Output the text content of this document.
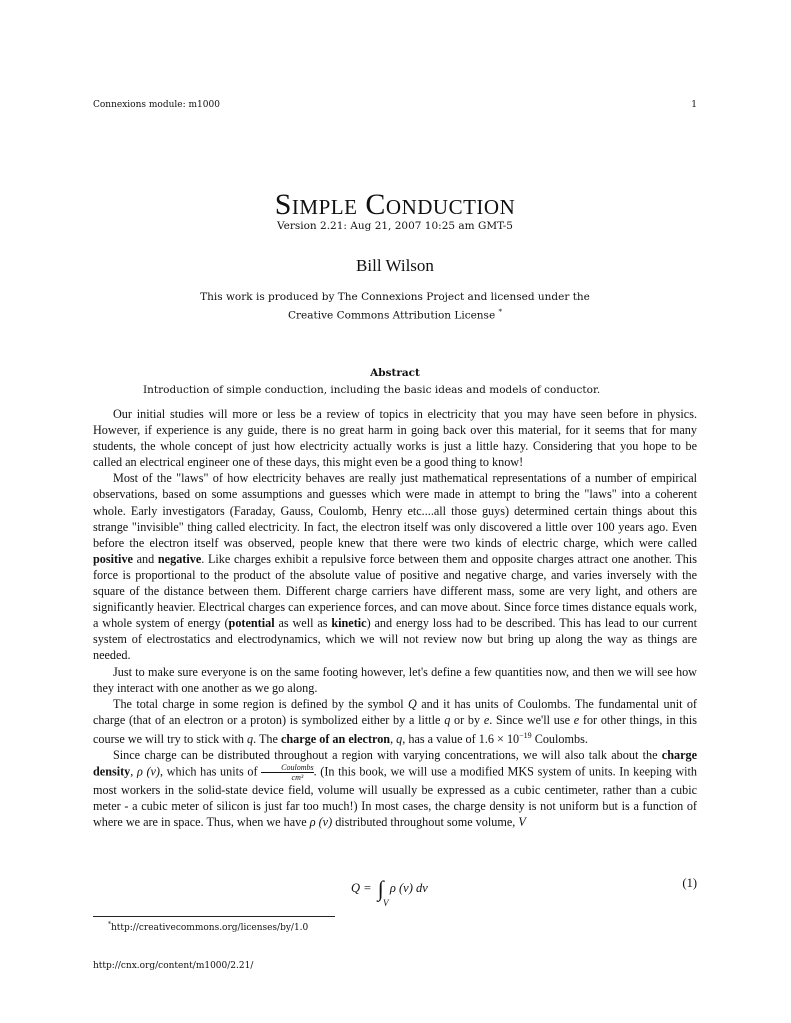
Connexions module: m1000	1
Simple Conduction
Version 2.21: Aug 21, 2007 10:25 am GMT-5
Bill Wilson
This work is produced by The Connexions Project and licensed under the
Creative Commons Attribution License *
Abstract
Introduction of simple conduction, including the basic ideas and models of conductor.

Our initial studies will more or less be a review of topics in electricity that you may have seen before in physics. However, if experience is any guide, there is no great harm in going back over this material, for it seems that for many students, the whole concept of just how electricity actually works is just a little hazy. Considering that you hope to be called an electrical engineer one of these days, this might even be a good thing to know!

Most of the "laws" of how electricity behaves are really just mathematical representations of a number of empirical observations, based on some assumptions and guesses which were made in attempt to bring the "laws" into a coherent whole. Early investigators (Faraday, Gauss, Coulomb, Henry etc....all those guys) determined certain things about this strange "invisible" thing called electricity. In fact, the electron itself was only discovered a little over 100 years ago. Even before the electron itself was observed, people knew that there were two kinds of electric charge, which were called positive and negative. Like charges exhibit a repulsive force between them and opposite charges attract one another. This force is proportional to the product of the absolute value of positive and negative charge, and varies inversely with the square of the distance between them. Different charge carriers have different mass, some are very light, and others are significantly heavier. Electrical charges can experience forces, and can move about. Since force times distance equals work, a whole system of energy (potential as well as kinetic) and energy loss had to be described. This has lead to our current system of electrostatics and electrodynamics, which we will not review now but bring up along the way as things are needed.

Just to make sure everyone is on the same footing however, let's define a few quantities now, and then we will see how they interact with one another as we go along.

The total charge in some region is defined by the symbol Q and it has units of Coulombs. The fundamental unit of charge (that of an electron or a proton) is symbolized either by a little q or by e. Since we'll use e for other things, in this course we will try to stick with q. The charge of an electron, q, has a value of $1.6 \times 10^{-19}$ Coulombs.

Since charge can be distributed throughout a region with varying concentrations, we will also talk about the charge density, ρ (ν), which has units of $\frac{\text{Coulombs}}{\text{cm³}}$ . (In this book, we will use a modified MKS system of units. In keeping with most workers in the solid-state device field, volume will usually be expressed as a cubic centimeter, rather than a cubic meter - a cubic meter of silicon is just far too much!) In most cases, the charge density is not uniform but is a function of where we are in space. Thus, when we have ρ (ν) distributed throughout some volume, V

Q = ∫ ρ (ν) dν
V
(1)
*http://creativecommons.org/licenses/by/1.0
http://cnx.org/content/m1000/2.21/
